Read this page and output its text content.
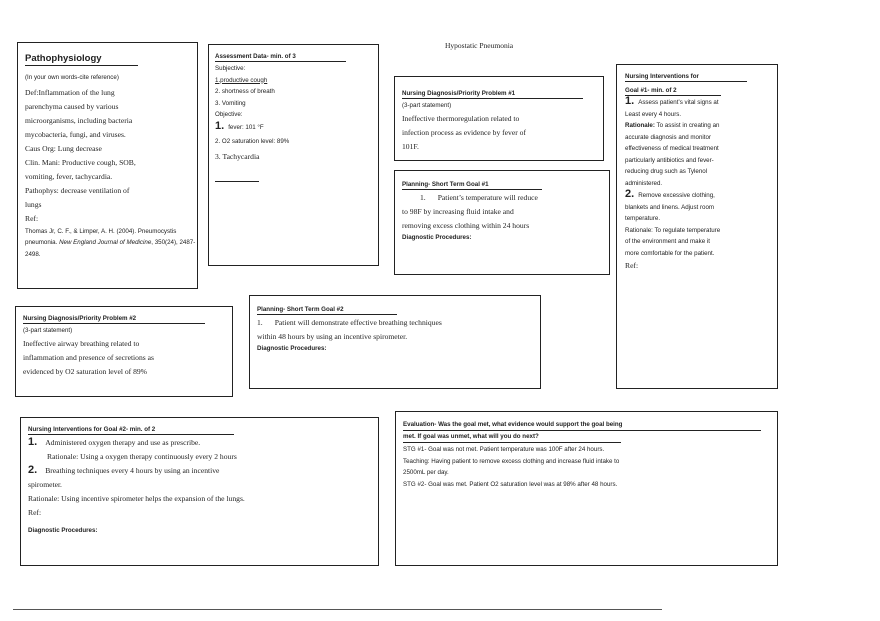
Hypostatic Pneumonia
Pathophysiology
(In your own words-cite reference)
Def:Inflammation of the lung
parenchyma caused by various
microorganisms, including bacteria
mycobacteria, fungi, and viruses.
Caus Org: Lung decrease
Clin. Mani: Productive cough, SOB,
vomiting, fever, tachycardia.
Pathophys: decrease ventilation of
lungs
Ref:
Thomas Jr, C. F., & Limper, A. H. (2004). Pneumocystis
pneumonia. New England Journal of Medicine, 350(24), 2487-
2498.
Assessment Data- min. of 3
Subjective:
1.productive cough
2. shortness of breath
3. Vomiting
Objective:
1. fever: 101 °F
2. O2 saturation level: 89%
3. Tachycardia
Nursing Diagnosis/Priority Problem #1
(3-part statement)
Ineffective thermoregulation related to
infection process as evidence by fever of
101F.
Planning- Short Term Goal #1
1. Patient’s temperature will reduce
to 98F by increasing fluid intake and
removing excess clothing within 24 hours
Diagnostic Procedures:
Nursing Interventions for
Goal #1- min. of 2
1. Assess patient’s vital signs at
Least every 4 hours.
Rationale: To assist in creating an
accurate diagnosis and monitor
effectiveness of medical treatment
particularly antibiotics and fever-
reducing drug such as Tylenol
administered.
2. Remove excessive clothing,
blankets and linens. Adjust room
temperature.
Rationale: To regulate temperature
of the environment and make it
more comfortable for the patient.
Ref:
Nursing Diagnosis/Priority Problem #2
(3-part statement)
Ineffective airway breathing related to
inflammation and presence of secretions as
evidenced by O2 saturation level of 89%
Planning- Short Term Goal #2
1. Patient will demonstrate effective breathing techniques
within 48 hours by using an incentive spirometer.
Diagnostic Procedures:
Nursing Interventions for Goal #2- min. of 2
1. Administered oxygen therapy and use as prescribe.
Rationale: Using a oxygen therapy continuously every 2 hours
2. Breathing techniques every 4 hours by using an incentive
spirometer.
Rationale: Using incentive spirometer helps the expansion of the lungs.
Ref:
Diagnostic Procedures:
Evaluation- Was the goal met, what evidence would support the goal being
met. If goal was unmet, what will you do next?
STG #1- Goal was not met. Patient temperature was 100F after 24 hours.
Teaching: Having patient to remove excess clothing and increase fluid intake to
2500mL per day.
STG #2- Goal was met. Patient O2 saturation level was at 98% after 48 hours.
